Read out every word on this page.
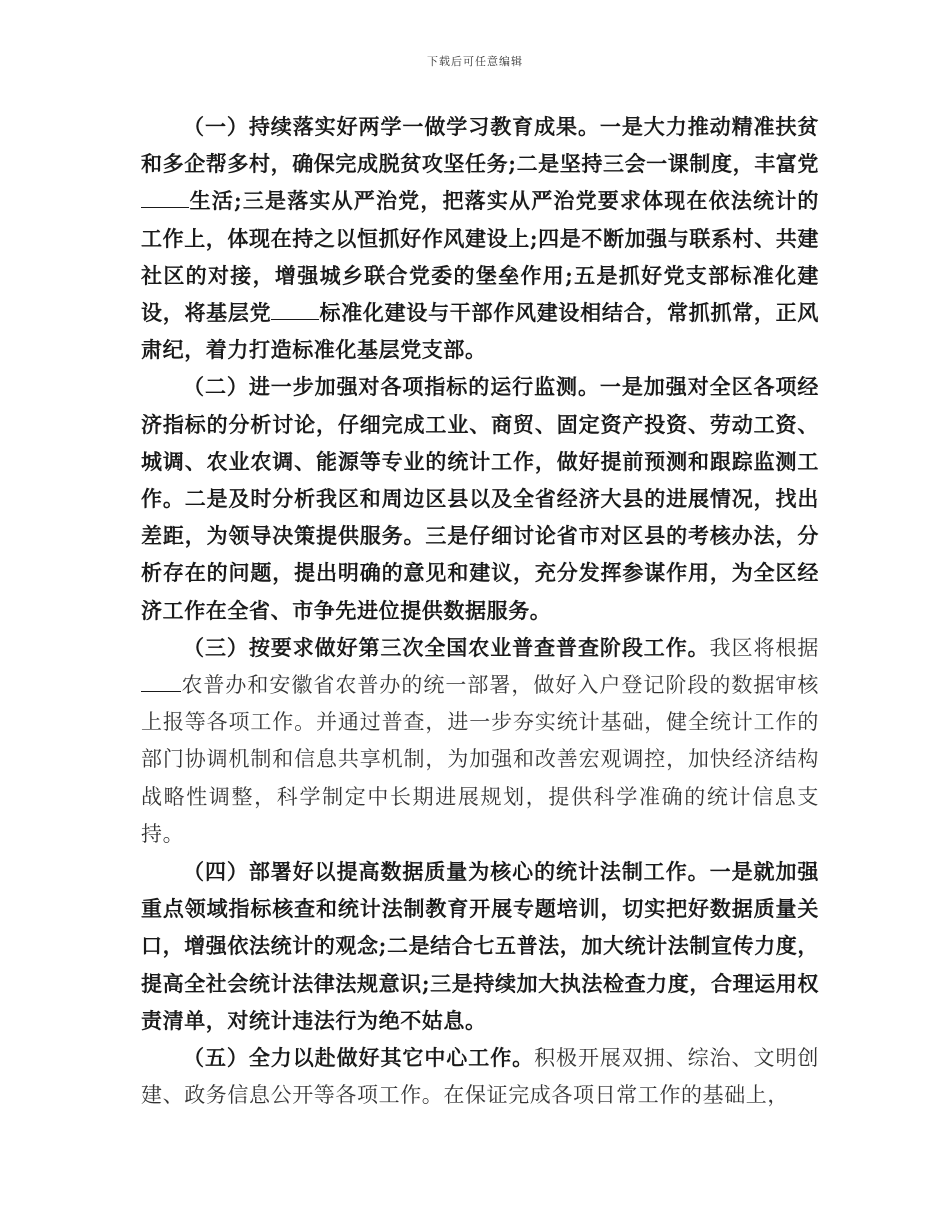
下载后可任意编辑

（一）持续落实好两学一做学习教育成果。一是大力推动精准扶贫和多企帮多村，确保完成脱贫攻坚任务;二是坚持三会一课制度，丰富党生活;三是落实从严治党，把落实从严治党要求体现在依法统计的工作上，体现在持之以恒抓好作风建设上;四是不断加强与联系村、共建社区的对接，增强城乡联合党委的堡垒作用;五是抓好党支部标准化建设，将基层党 标准化建设与干部作风建设相结合，常抓抓常，正风肃纪，着力打造标准化基层党支部。

（二）进一步加强对各项指标的运行监测。一是加强对全区各项经济指标的分析讨论，仔细完成工业、商贸、固定资产投资、劳动工资、城调、农业农调、能源等专业的统计工作，做好提前预测和跟踪监测工作。二是及时分析我区和周边区县以及全省经济大县的进展情况，找出差距，为领导决策提供服务。三是仔细讨论省市对区县的考核办法，分析存在的问题，提出明确的意见和建议，充分发挥参谋作用，为全区经济工作在全省、市争先进位提供数据服务。

（三）按要求做好第三次全国农业普查普查阶段工作。我区将根据农普办和安徽省农普办的统一部署，做好入户登记阶段的数据审核上报等各项工作。并通过普查，进一步夯实统计基础，健全统计工作的部门协调机制和信息共享机制，为加强和改善宏观调控，加快经济结构战略性调整，科学制定中长期进展规划，提供科学准确的统计信息支持。

（四）部署好以提高数据质量为核心的统计法制工作。一是就加强重点领域指标核查和统计法制教育开展专题培训，切实把好数据质量关口，增强依法统计的观念;二是结合七五普法，加大统计法制宣传力度，提高全社会统计法律法规意识;三是持续加大执法检查力度，合理运用权责清单，对统计违法行为绝不姑息。

（五）全力以赴做好其它中心工作。积极开展双拥、综治、文明创建、政务信息公开等各项工作。在保证完成各项日常工作的基础上，
